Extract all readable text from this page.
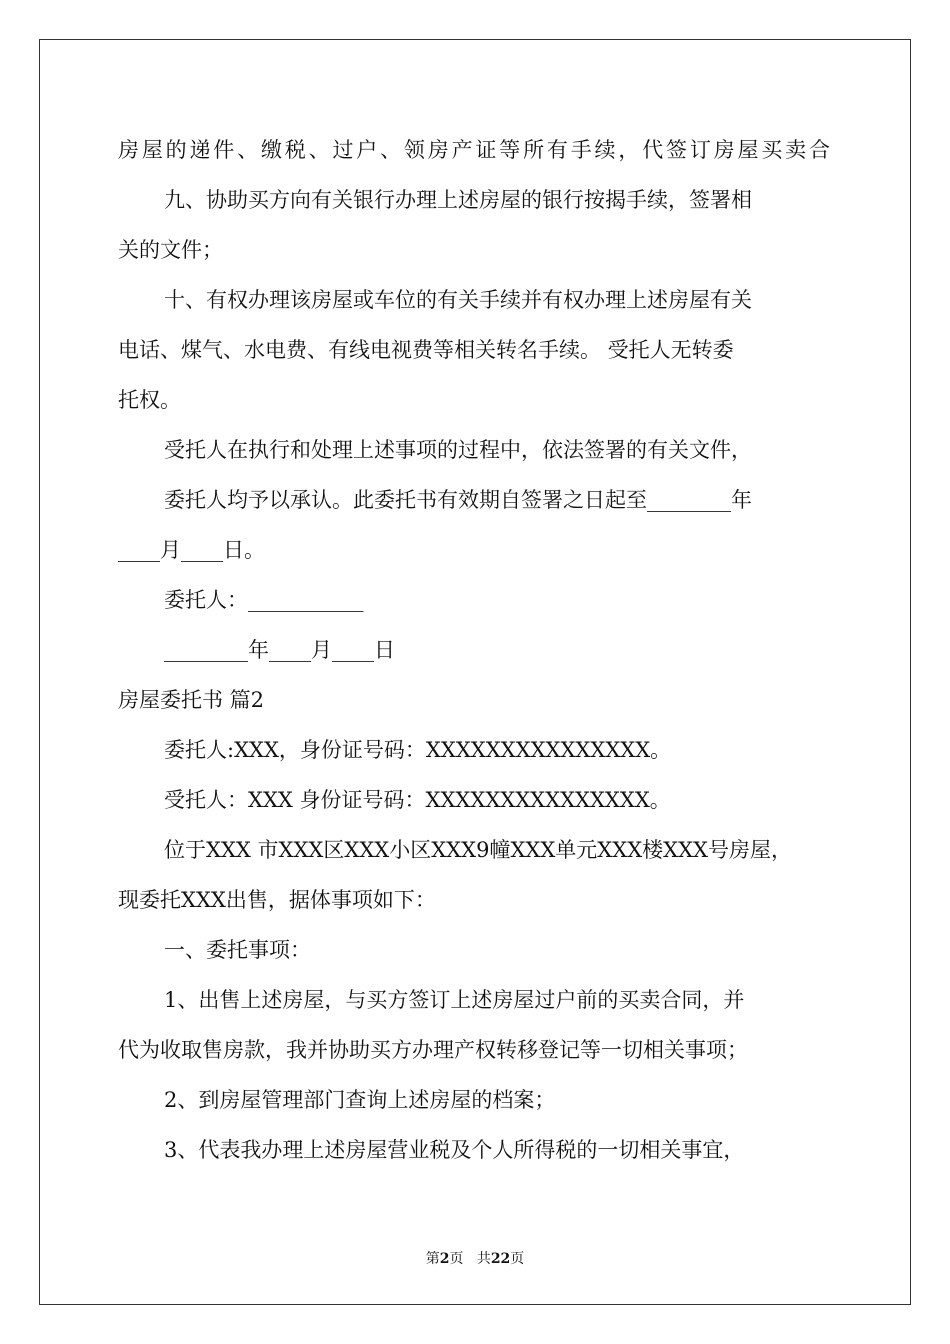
房屋的递件、缴税、过户、领房产证等所有手续，代签订房屋买卖合
九、协助买方向有关银行办理上述房屋的银行按揭手续，签署相
关的文件；
十、有权办理该房屋或车位的有关手续并有权办理上述房屋有关
电话、煤气、水电费、有线电视费等相关转名手续。 受托人无转委
托权。
受托人在执行和处理上述事项的过程中，依法签署的有关文件，
委托人均予以承认。此委托书有效期自签署之日起至________年
____月____日。
委托人：___________
________年____月____日
房屋委托书 篇2
委托人:XXX，身份证号码：XXXXXXXXXXXXXXX。
受托人：XXX 身份证号码：XXXXXXXXXXXXXXX。
位于XXX 市XXX区XXX小区XXX9幢XXX单元XXX楼XXX号房屋，
现委托XXX出售，据体事项如下：
一、委托事项：
1、出售上述房屋，与买方签订上述房屋过户前的买卖合同，并
代为收取售房款，我并协助买方办理产权转移登记等一切相关事项；
2、到房屋管理部门查询上述房屋的档案；
3、代表我办理上述房屋营业税及个人所得税的一切相关事宜，
第2页 共22页
